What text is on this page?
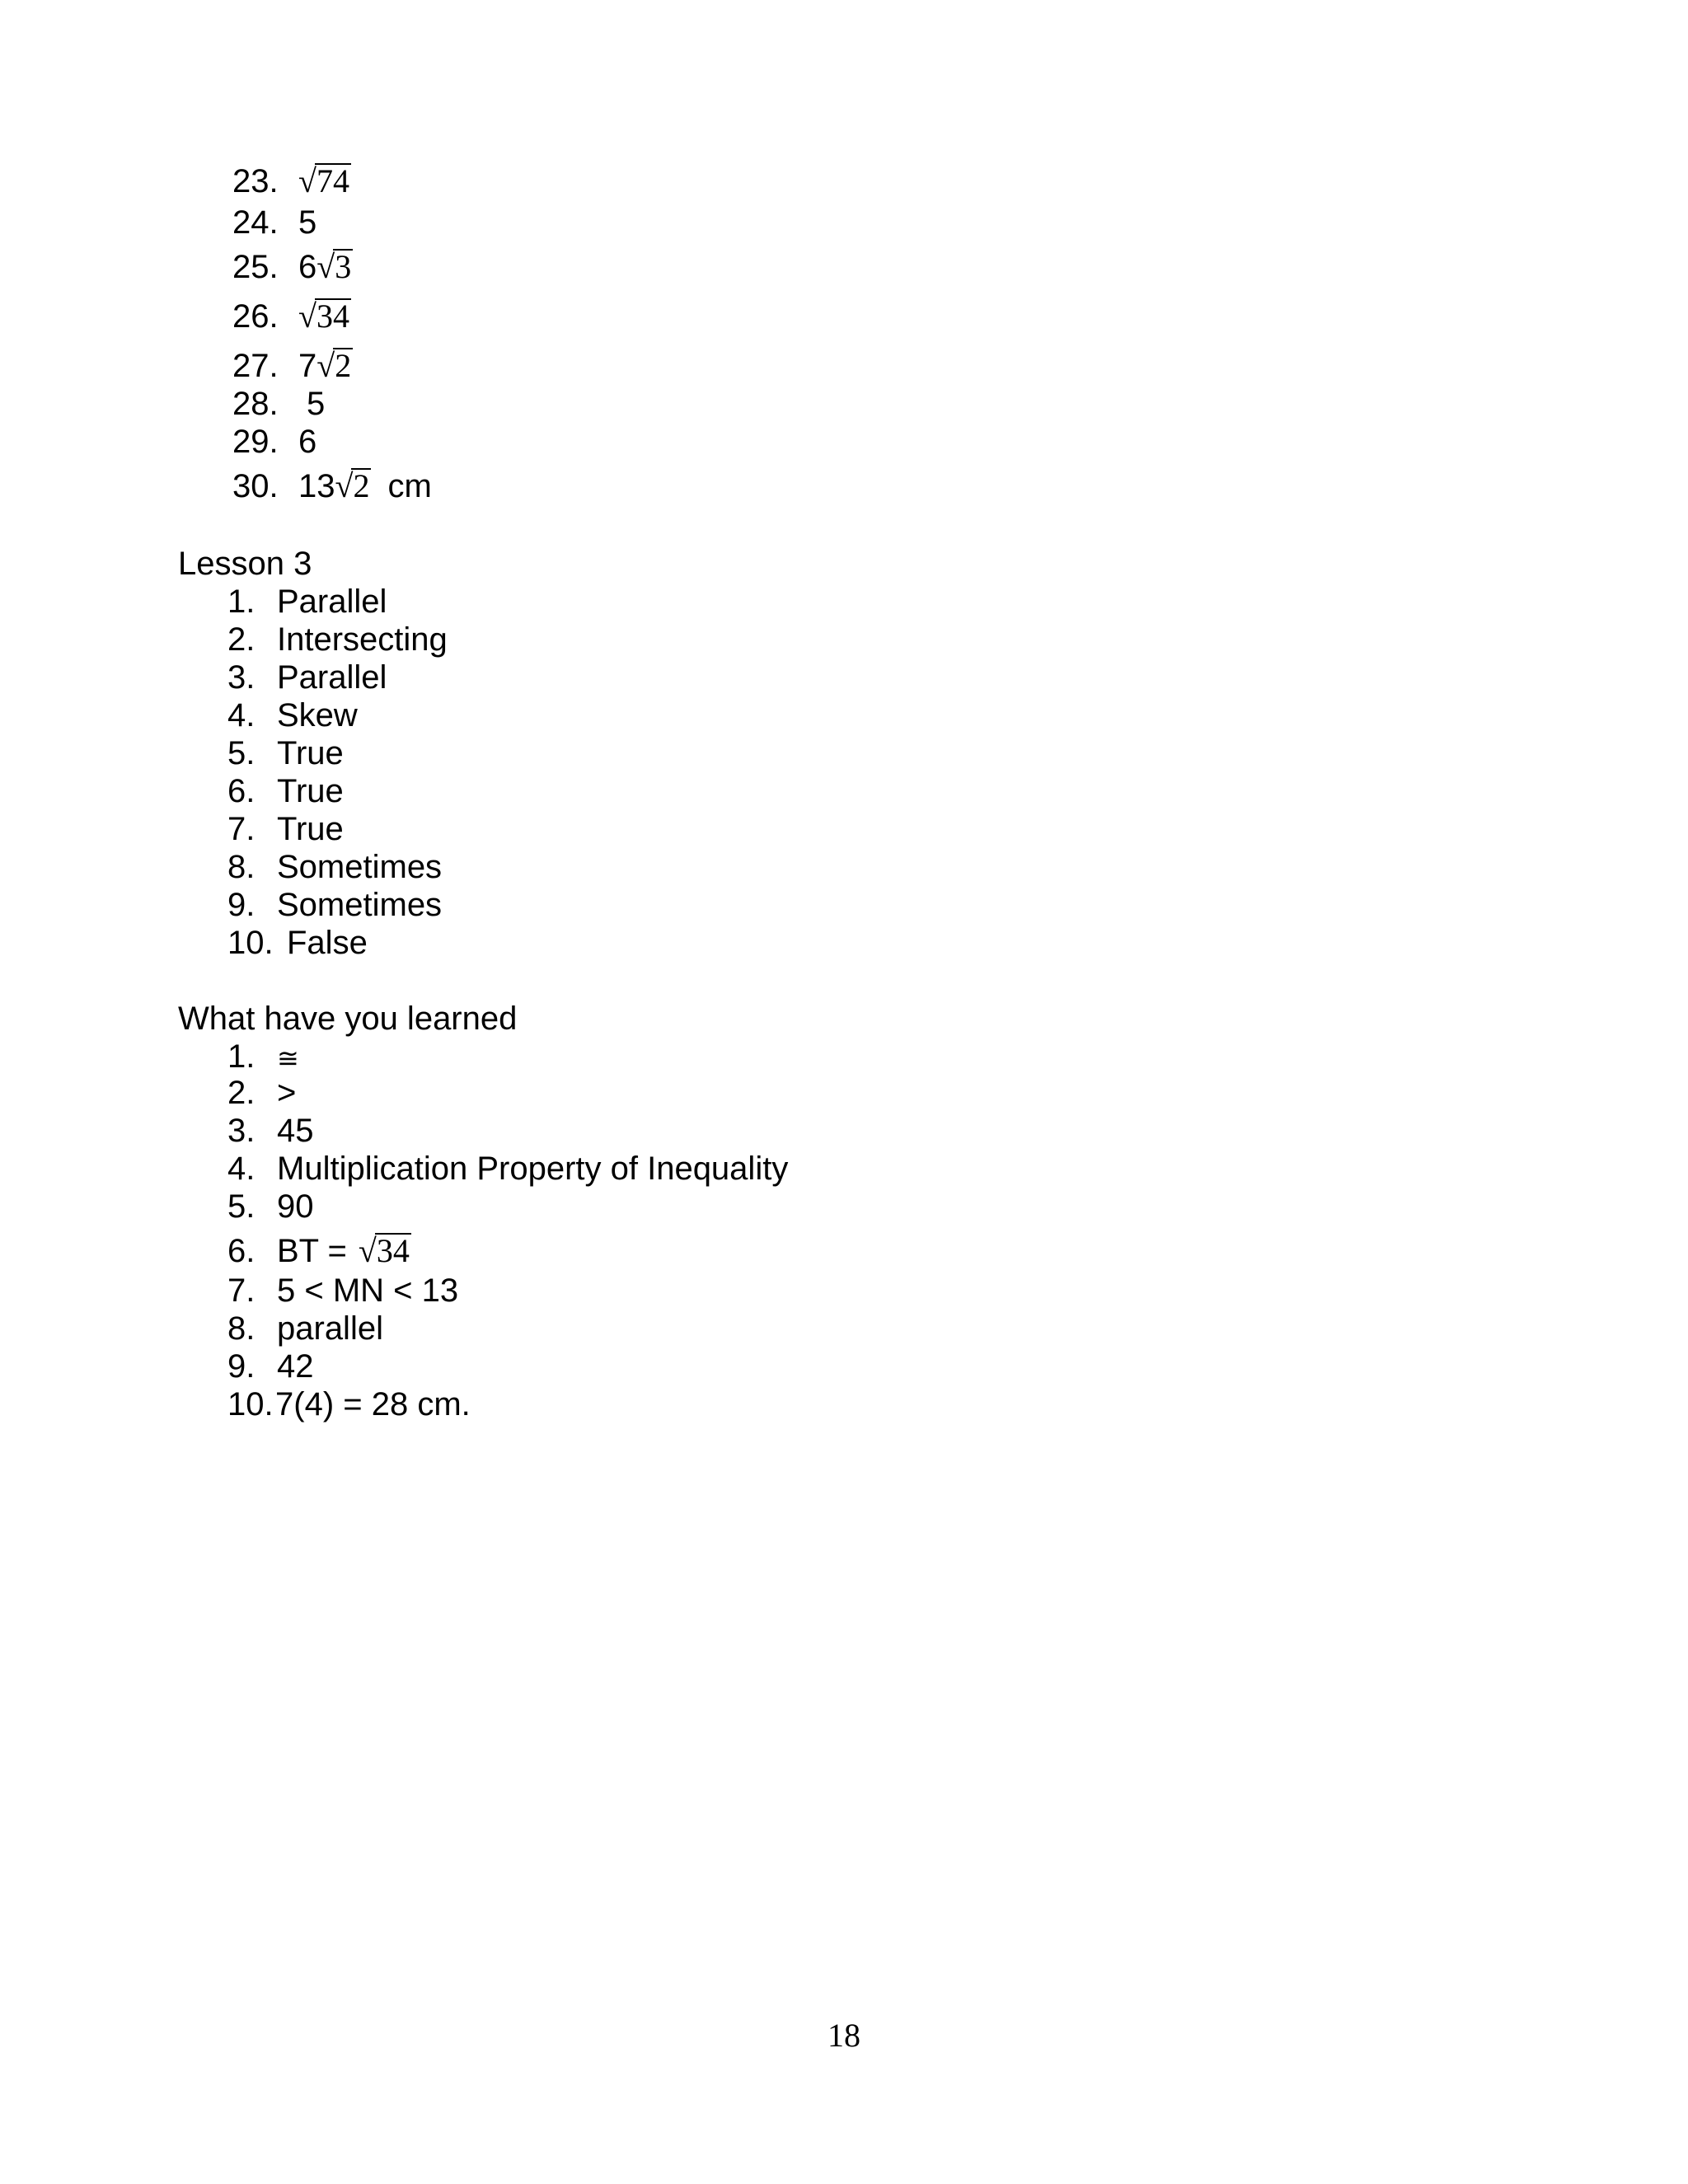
23. √74
24. 5
25. 6√3
26. √34
27. 7√2
28. 5
29. 6
30. 13√2 cm
Lesson 3
1. Parallel
2. Intersecting
3. Parallel
4. Skew
5. True
6. True
7. True
8. Sometimes
9. Sometimes
10. False
What have you learned
1. ≅
2. >
3. 45
4. Multiplication Property of Inequality
5. 90
6. BT = √34
7. 5 < MN < 13
8. parallel
9. 42
10.7(4) = 28 cm.
18
